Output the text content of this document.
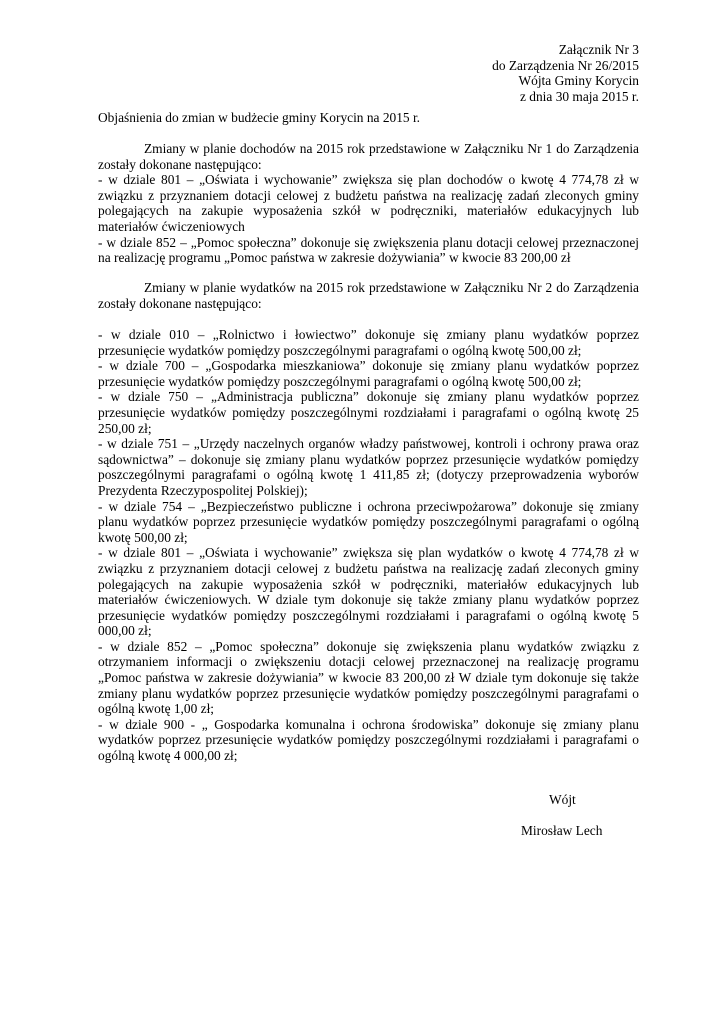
Załącznik Nr 3
do Zarządzenia Nr 26/2015
Wójta Gminy Korycin
z dnia 30 maja 2015 r.
Objaśnienia do zmian w budżecie gminy Korycin na 2015 r.

Zmiany w planie dochodów na 2015 rok przedstawione w Załączniku Nr 1 do Zarządzenia zostały dokonane następująco:

- w dziale 801 – „Oświata i wychowanie” zwiększa się plan dochodów o kwotę 4 774,78 zł w związku z przyznaniem dotacji celowej z budżetu państwa na realizację zadań zleconych gminy polegających na zakupie wyposażenia szkół w podręczniki, materiałów edukacyjnych lub materiałów ćwiczeniowych

- w dziale 852 – „Pomoc społeczna” dokonuje się zwiększenia planu dotacji celowej przeznaczonej na realizację programu „Pomoc państwa w zakresie dożywiania” w kwocie 83 200,00 zł

Zmiany w planie wydatków na 2015 rok przedstawione w Załączniku Nr 2 do Zarządzenia zostały dokonane następująco:

- w dziale 010 – „Rolnictwo i łowiectwo” dokonuje się zmiany planu wydatków poprzez przesunięcie wydatków pomiędzy poszczególnymi paragrafami o ogólną kwotę 500,00 zł;

- w dziale 700 – „Gospodarka mieszkaniowa” dokonuje się zmiany planu wydatków poprzez przesunięcie wydatków pomiędzy poszczególnymi paragrafami o ogólną kwotę 500,00 zł;

- w dziale 750 – „Administracja publiczna” dokonuje się zmiany planu wydatków poprzez przesunięcie wydatków pomiędzy poszczególnymi rozdziałami i paragrafami o ogólną kwotę 25 250,00 zł;

- w dziale 751 – „Urzędy naczelnych organów władzy państwowej, kontroli i ochrony prawa oraz sądownictwa” – dokonuje się zmiany planu wydatków poprzez przesunięcie wydatków pomiędzy poszczególnymi paragrafami o ogólną kwotę 1 411,85 zł; (dotyczy przeprowadzenia wyborów Prezydenta Rzeczypospolitej Polskiej);

- w dziale 754 – „Bezpieczeństwo publiczne i ochrona przeciwpożarowa” dokonuje się zmiany planu wydatków poprzez przesunięcie wydatków pomiędzy poszczególnymi paragrafami o ogólną kwotę 500,00 zł;

- w dziale 801 – „Oświata i wychowanie” zwiększa się plan wydatków o kwotę 4 774,78 zł w związku z przyznaniem dotacji celowej z budżetu państwa na realizację zadań zleconych gminy polegających na zakupie wyposażenia szkół w podręczniki, materiałów edukacyjnych lub materiałów ćwiczeniowych. W dziale tym dokonuje się także zmiany planu wydatków poprzez przesunięcie wydatków pomiędzy poszczególnymi rozdziałami i paragrafami o ogólną kwotę 5 000,00 zł;

- w dziale 852 – „Pomoc społeczna” dokonuje się zwiększenia planu wydatków związku z otrzymaniem informacji o zwiększeniu dotacji celowej przeznaczonej na realizację programu „Pomoc państwa w zakresie dożywiania” w kwocie 83 200,00 zł W dziale tym dokonuje się także zmiany planu wydatków poprzez przesunięcie wydatków pomiędzy poszczególnymi paragrafami o ogólną kwotę 1,00 zł;

- w dziale 900 - „ Gospodarka komunalna i ochrona środowiska” dokonuje się zmiany planu wydatków poprzez przesunięcie wydatków pomiędzy poszczególnymi rozdziałami i paragrafami o ogólną kwotę 4 000,00 zł;

Wójt
Mirosław Lech
